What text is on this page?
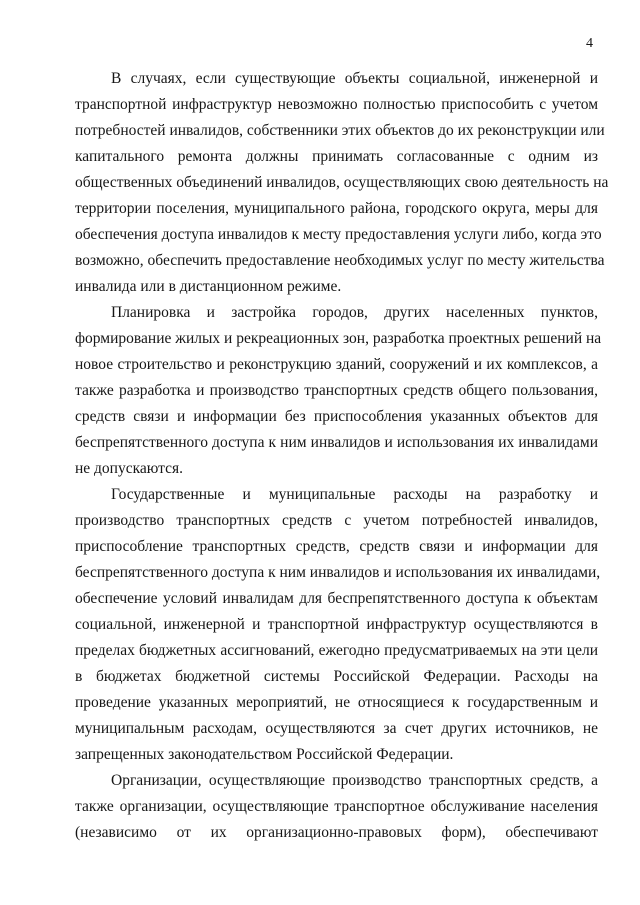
4
В случаях, если существующие объекты социальной, инженерной и
транспортной инфраструктур невозможно полностью приспособить с учетом
потребностей инвалидов, собственники этих объектов до их реконструкции или
капитального ремонта должны принимать согласованные с одним из
общественных объединений инвалидов, осуществляющих свою деятельность на
территории поселения, муниципального района, городского округа, меры для
обеспечения доступа инвалидов к месту предоставления услуги либо, когда это
возможно, обеспечить предоставление необходимых услуг по месту жительства
инвалида или в дистанционном режиме.
Планировка и застройка городов, других населенных пунктов,
формирование жилых и рекреационных зон, разработка проектных решений на
новое строительство и реконструкцию зданий, сооружений и их комплексов, а
также разработка и производство транспортных средств общего пользования,
средств связи и информации без приспособления указанных объектов для
беспрепятственного доступа к ним инвалидов и использования их инвалидами
не допускаются.
Государственные и муниципальные расходы на разработку и
производство транспортных средств с учетом потребностей инвалидов,
приспособление транспортных средств, средств связи и информации для
беспрепятственного доступа к ним инвалидов и использования их инвалидами,
обеспечение условий инвалидам для беспрепятственного доступа к объектам
социальной, инженерной и транспортной инфраструктур осуществляются в
пределах бюджетных ассигнований, ежегодно предусматриваемых на эти цели
в бюджетах бюджетной системы Российской Федерации. Расходы на
проведение указанных мероприятий, не относящиеся к государственным и
муниципальным расходам, осуществляются за счет других источников, не
запрещенных законодательством Российской Федерации.
Организации, осуществляющие производство транспортных средств, а
также организации, осуществляющие транспортное обслуживание населения
(независимо от их организационно-правовых форм), обеспечивают
